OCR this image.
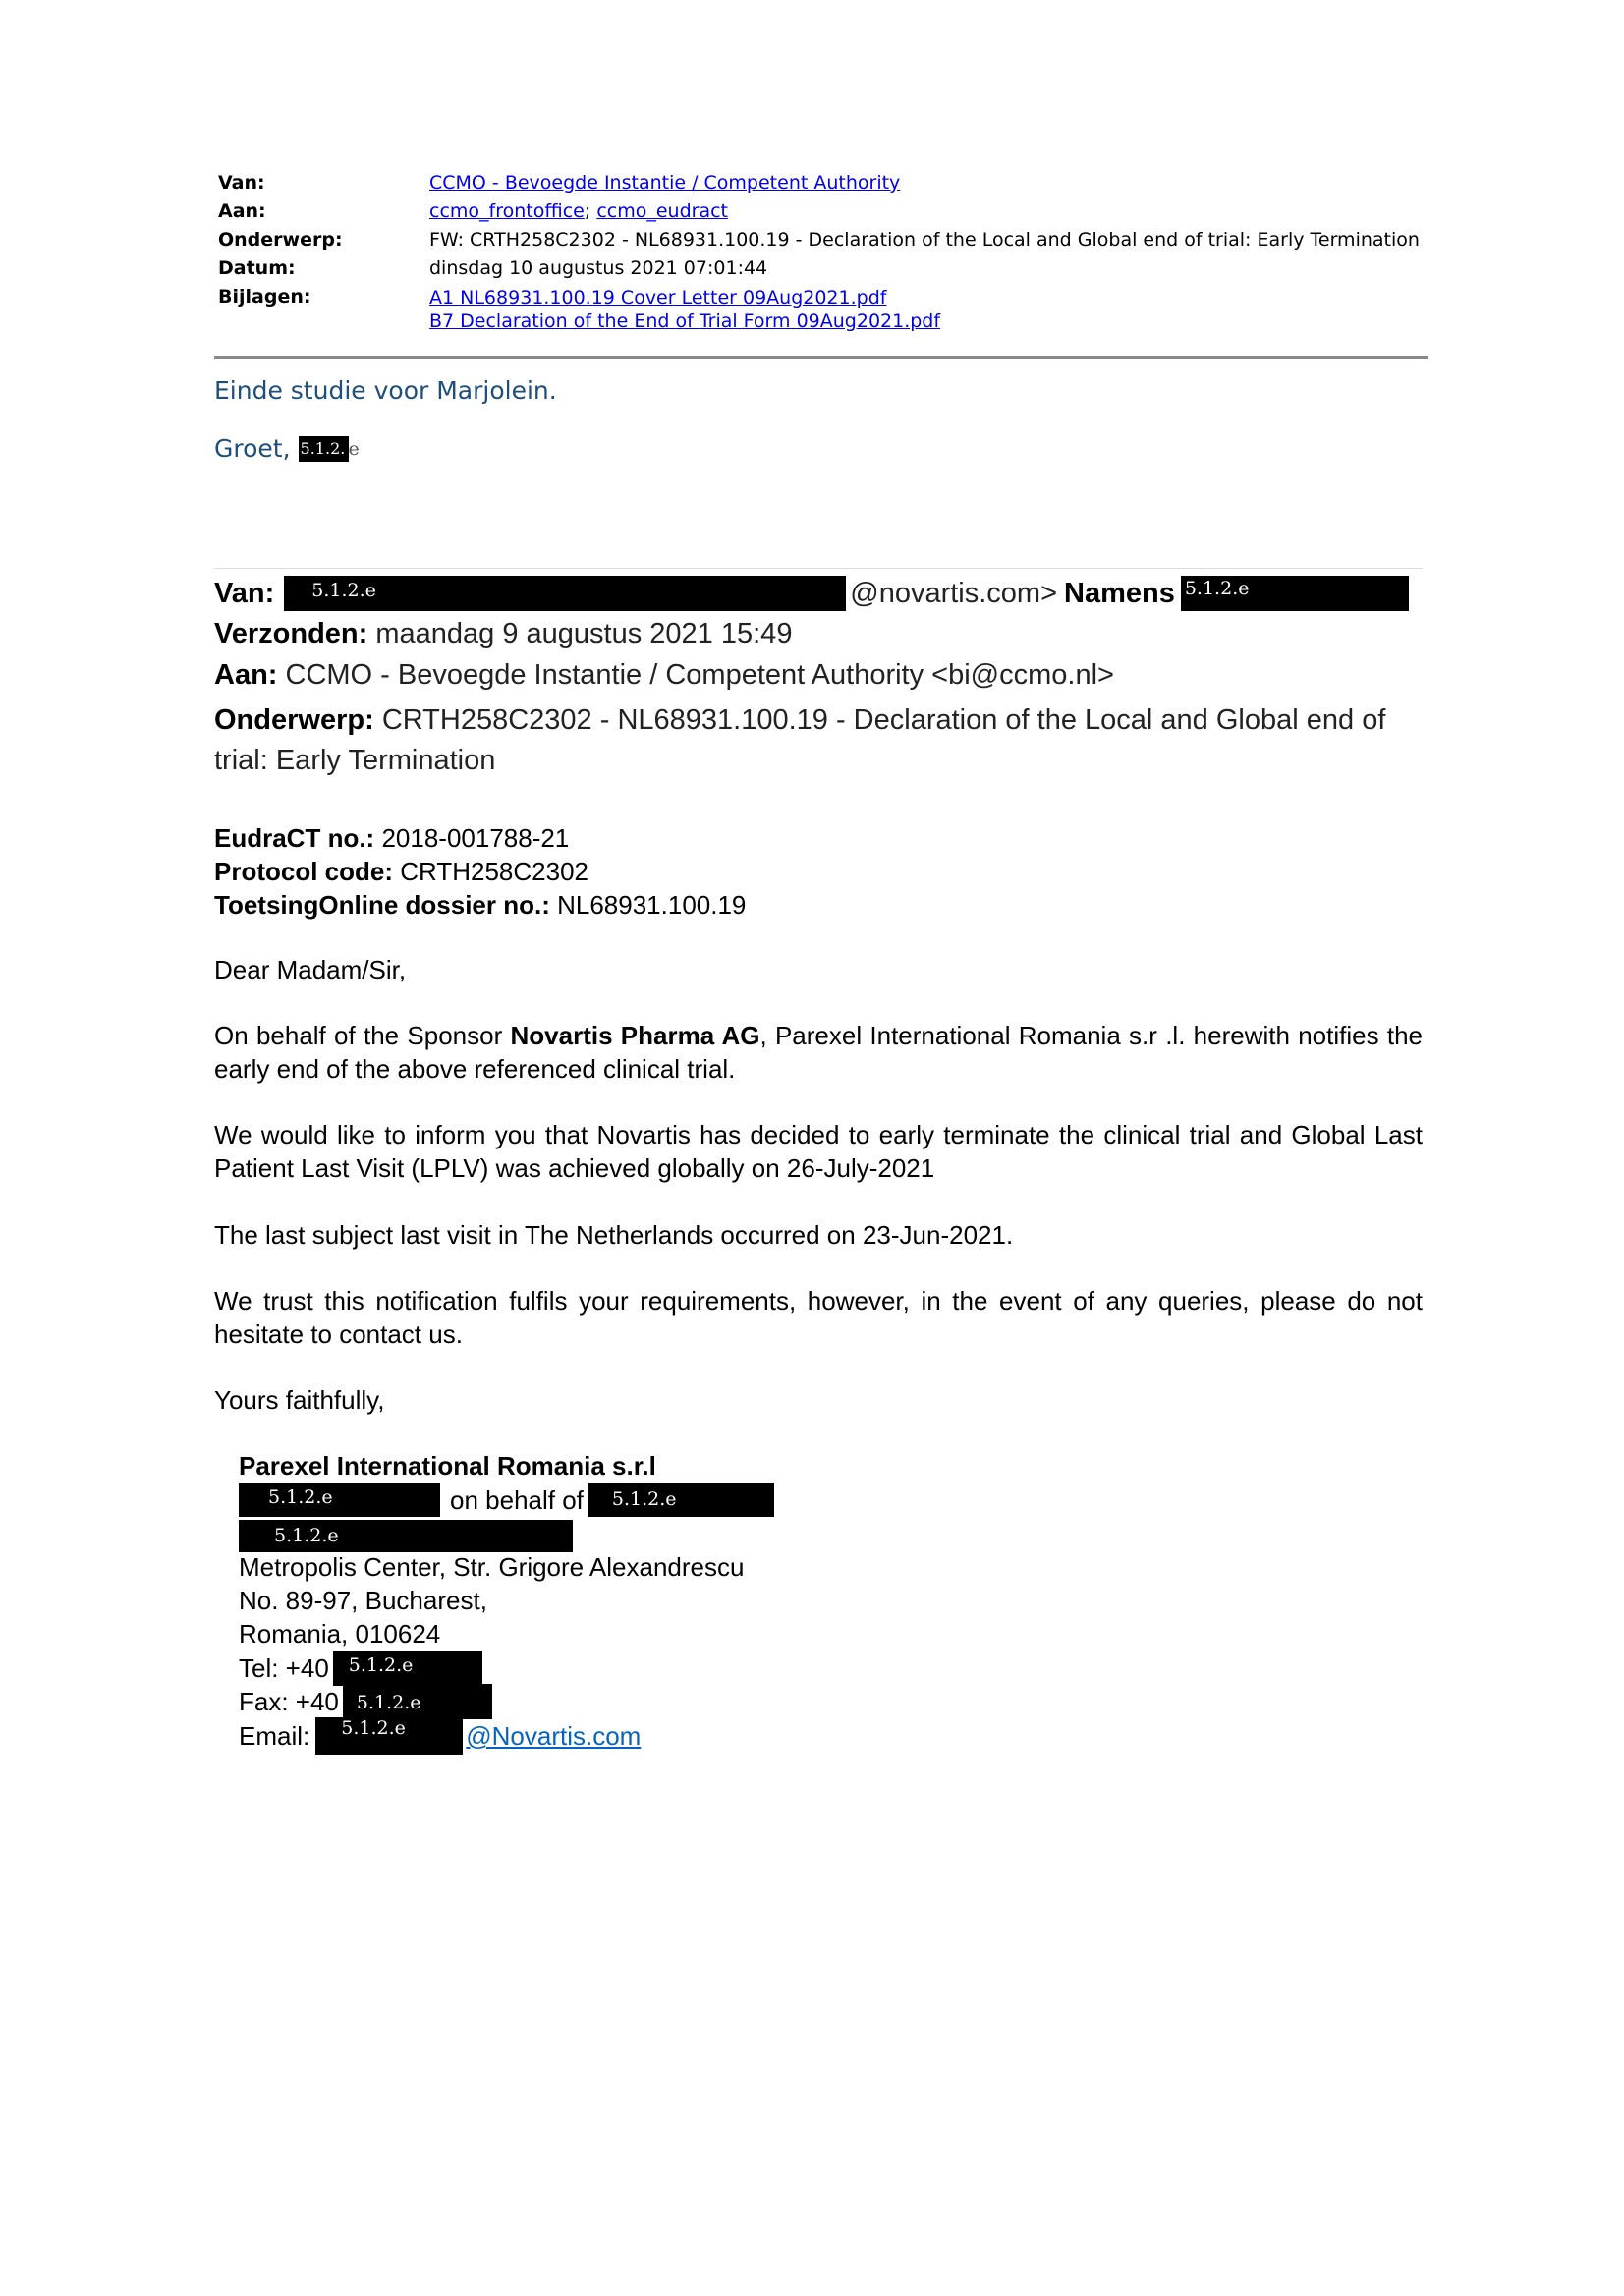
Van:	CCMO - Bevoegde Instantie / Competent Authority
Aan:	ccmo_frontoffice; ccmo_eudract
Onderwerp:	FW: CRTH258C2302 - NL68931.100.19 - Declaration of the Local and Global end of trial: Early Termination
Datum:	dinsdag 10 augustus 2021 07:01:44
Bijlagen:	A1 NL68931.100.19 Cover Letter 09Aug2021.pdf
B7 Declaration of the End of Trial Form 09Aug2021.pdf
Einde studie voor Marjolein.
Groet, 5.1.2. e
Van:	5.1.2.e	@novartis.com> Namens 5.1.2.e
Verzonden: maandag 9 augustus 2021 15:49
Aan: CCMO - Bevoegde Instantie / Competent Authority <bi@ccmo.nl>
Onderwerp: CRTH258C2302 - NL68931.100.19 - Declaration of the Local and Global end of trial: Early Termination
EudraCT no.: 2018-001788-21
Protocol code: CRTH258C2302
ToetsingOnline dossier no.: NL68931.100.19
Dear Madam/Sir,
On behalf of the Sponsor Novartis Pharma AG, Parexel International Romania s.r .l. herewith notifies the early end of the above referenced clinical trial.
We would like to inform you that Novartis has decided to early terminate the clinical trial and Global Last Patient Last Visit (LPLV) was achieved globally on 26-July-2021
The last subject last visit in The Netherlands occurred on 23-Jun-2021.
We trust this notification fulfils your requirements, however, in the event of any queries, please do not hesitate to contact us.
Yours faithfully,
Parexel International Romania s.r.l
5.1.2.e	on behalf of	5.1.2.e
5.1.2.e
Metropolis Center, Str. Grigore Alexandrescu
No. 89-97, Bucharest,
Romania, 010624
Tel: +40	5.1.2.e
Fax: +40 5.1.2.e
Email:	5.1.2.e	@Novartis.com
